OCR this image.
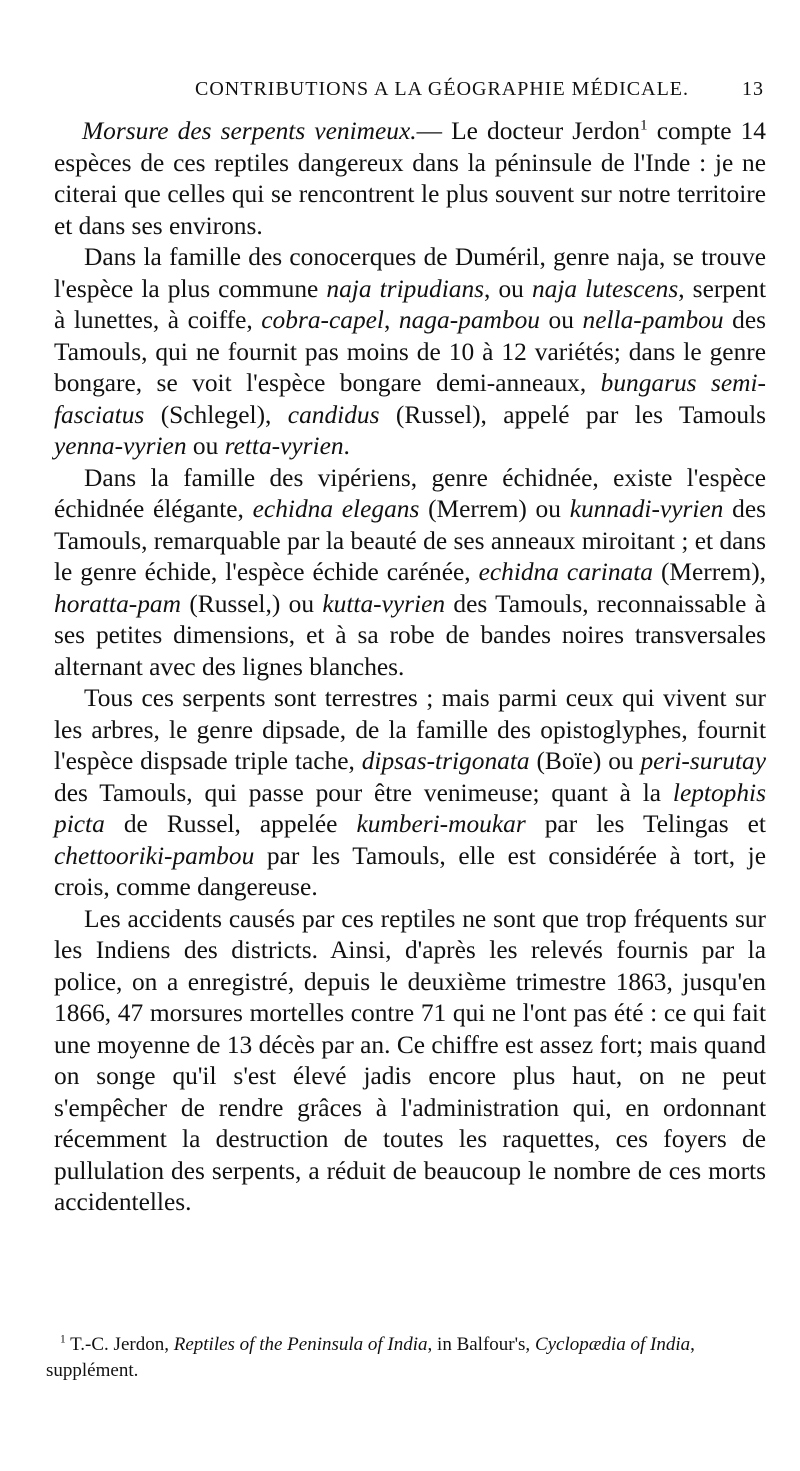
CONTRIBUTIONS A LA GÉOGRAPHIE MÉDICALE.	13

Morsure des serpents venimeux.— Le docteur Jerdon$^1$ compte 14 espèces de ces reptiles dangereux dans la péninsule de l'Inde : je ne citerai que celles qui se rencontrent le plus souvent sur notre territoire et dans ses environs.

Dans la famille des conocerques de Duméril, genre naja, se trouve l'espèce la plus commune naja tripudians, ou naja lutescens, serpent à lunettes, à coiffe, cobra-capel, naga-pambou ou nella-pambou des Tamouls, qui ne fournit pas moins de 10 à 12 variétés; dans le genre bongare, se voit l'espèce bongare demi-anneaux, bungarus semi-fasciatus (Schlegel), candidus (Russel), appelé par les Tamouls yenna-vyrien ou retta-vyrien.

Dans la famille des vipériens, genre échidnée, existe l'espèce échidnée élégante, echidna elegans (Merrem) ou kunnadi-vyrien des Tamouls, remarquable par la beauté de ses anneaux miroitant ; et dans le genre échide, l'espèce échide carénée, echidna carinata (Merrem), horatta-pam (Russel,) ou kutta-vyrien des Tamouls, reconnaissable à ses petites dimensions, et à sa robe de bandes noires transversales alternant avec des lignes blanches.

Tous ces serpents sont terrestres ; mais parmi ceux qui vivent sur les arbres, le genre dipsade, de la famille des opistoglyphes, fournit l'espèce dispsade triple tache, dipsas-trigonata (Boïe) ou peri-surutay des Tamouls, qui passe pour être venimeuse; quant à la leptophis picta de Russel, appelée kumberi-moukar par les Telingas et chettooriki-pambou par les Tamouls, elle est considérée à tort, je crois, comme dangereuse.

Les accidents causés par ces reptiles ne sont que trop fréquents sur les Indiens des districts. Ainsi, d'après les relevés fournis par la police, on a enregistré, depuis le deuxième trimestre 1863, jusqu'en 1866, 47 morsures mortelles contre 71 qui ne l'ont pas été : ce qui fait une moyenne de 13 décès par an. Ce chiffre est assez fort; mais quand on songe qu'il s'est élevé jadis encore plus haut, on ne peut s'empêcher de rendre grâces à l'administration qui, en ordonnant récemment la destruction de toutes les raquettes, ces foyers de pullulation des serpents, a réduit de beaucoup le nombre de ces morts accidentelles.

$^1$ T.-C. Jerdon, Reptiles of the Peninsula of India, in Balfour's, Cyclopædia of India, supplément.
